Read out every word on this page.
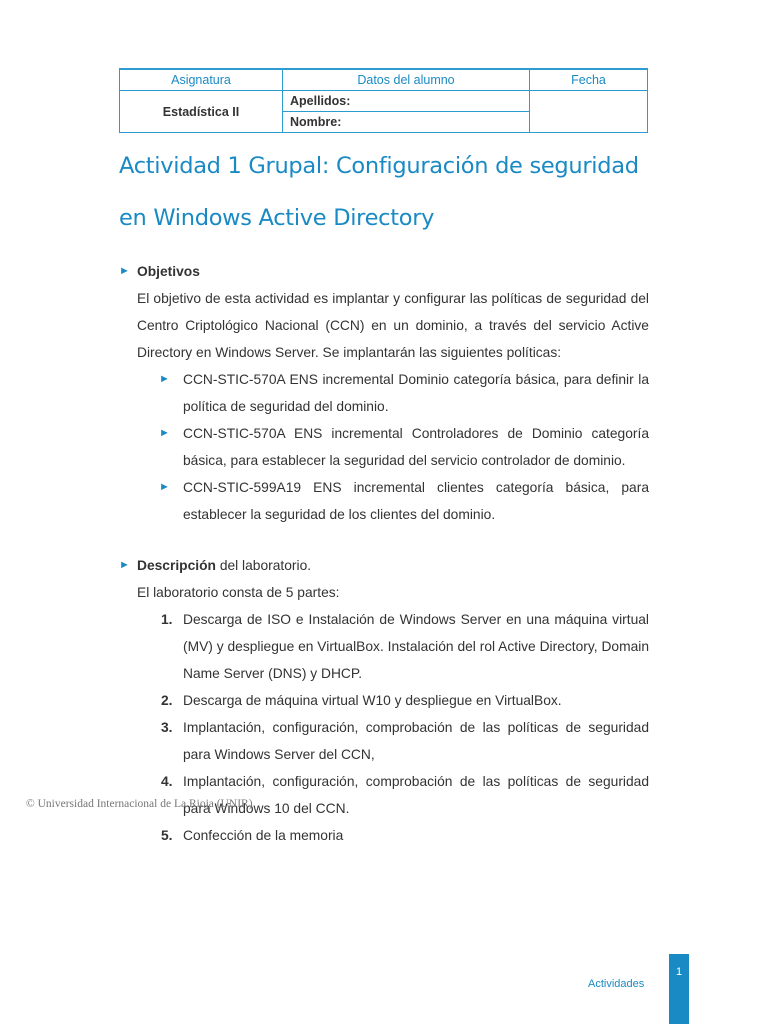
Asignatura	Datos del alumno	Fecha
Estadística II	Apellidos:	
	Nombre:	
Actividad 1 Grupal: Configuración de seguridad en Windows Active Directory
► Objetivos
El objetivo de esta actividad es implantar y configurar las políticas de seguridad del Centro Criptológico Nacional (CCN) en un dominio, a través del servicio Active Directory en Windows Server. Se implantarán las siguientes políticas:
► CCN-STIC-570A ENS incremental Dominio categoría básica, para definir la política de seguridad del dominio.
► CCN-STIC-570A ENS incremental Controladores de Dominio categoría básica, para establecer la seguridad del servicio controlador de dominio.
► CCN-STIC-599A19 ENS incremental clientes categoría básica, para establecer la seguridad de los clientes del dominio.
► Descripción del laboratorio.
El laboratorio consta de 5 partes:
1. Descarga de ISO e Instalación de Windows Server en una máquina virtual (MV) y despliegue en VirtualBox. Instalación del rol Active Directory, Domain Name Server (DNS) y DHCP.
2. Descarga de máquina virtual W10 y despliegue en VirtualBox.
3. Implantación, configuración, comprobación de las políticas de seguridad para Windows Server del CCN,
4. Implantación, configuración, comprobación de las políticas de seguridad para Windows 10 del CCN.
5. Confección de la memoria
© Universidad Internacional de La Rioja (UNIR)
Actividades
1
